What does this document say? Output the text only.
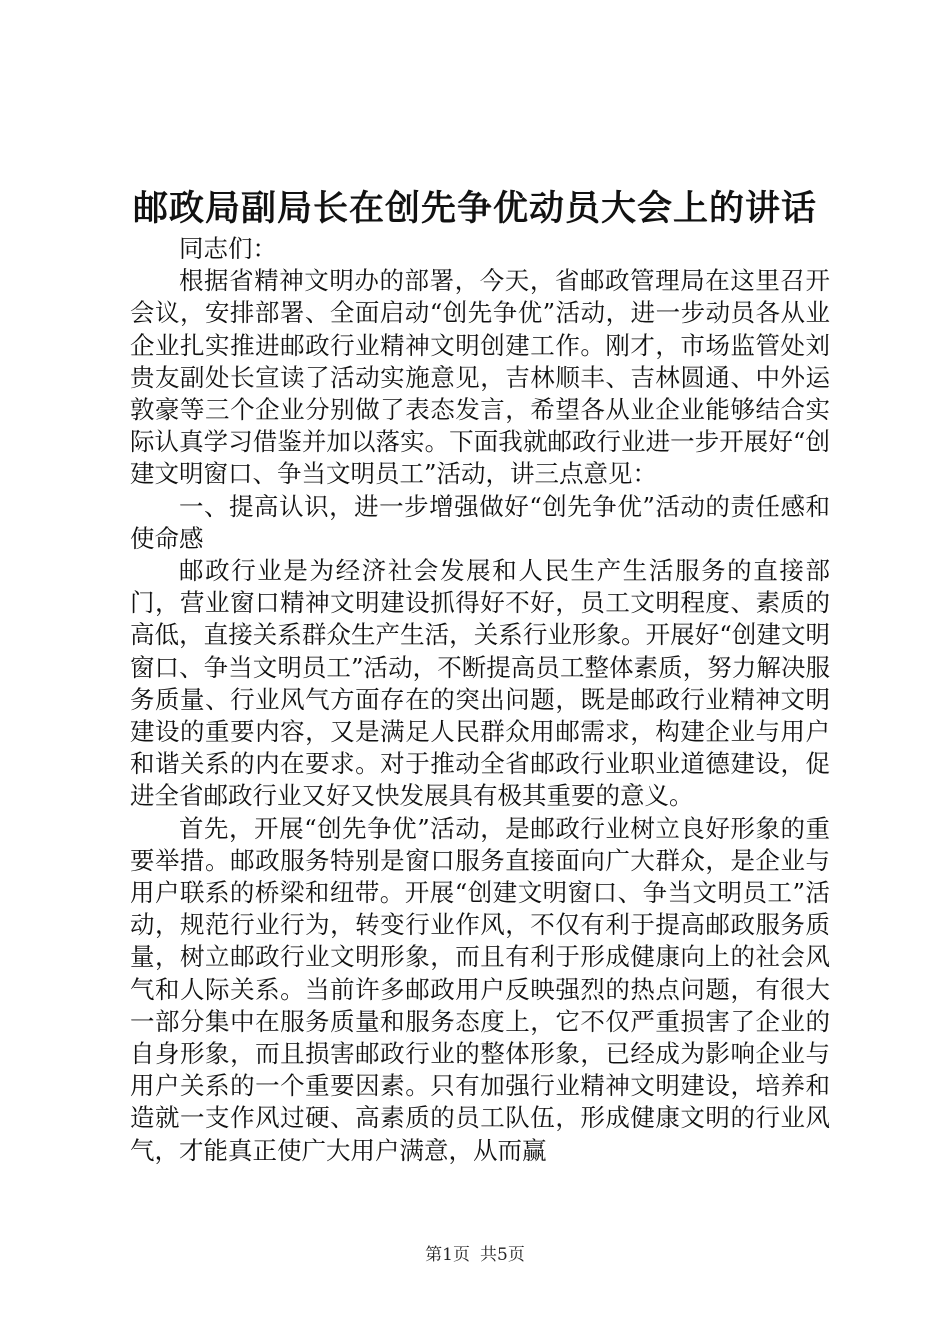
邮政局副局长在创先争优动员大会上的讲话

同志们：

根据省精神文明办的部署，今天，省邮政管理局在这里召开会议，安排部署、全面启动“创先争优”活动，进一步动员各从业企业扎实推进邮政行业精神文明创建工作。刚才，市场监管处刘贵友副处长宣读了活动实施意见，吉林顺丰、吉林圆通、中外运敦豪等三个企业分别做了表态发言，希望各从业企业能够结合实际认真学习借鉴并加以落实。下面我就邮政行业进一步开展好“创建文明窗口、争当文明员工”活动，讲三点意见：

一、提高认识，进一步增强做好“创先争优”活动的责任感和使命感

邮政行业是为经济社会发展和人民生产生活服务的直接部门，营业窗口精神文明建设抓得好不好，员工文明程度、素质的高低，直接关系群众生产生活，关系行业形象。开展好“创建文明窗口、争当文明员工”活动，不断提高员工整体素质，努力解决服务质量、行业风气方面存在的突出问题，既是邮政行业精神文明建设的重要内容，又是满足人民群众用邮需求，构建企业与用户和谐关系的内在要求。对于推动全省邮政行业职业道德建设，促进全省邮政行业又好又快发展具有极其重要的意义。

首先，开展“创先争优”活动，是邮政行业树立良好形象的重要举措。邮政服务特别是窗口服务直接面向广大群众，是企业与用户联系的桥梁和纽带。开展“创建文明窗口、争当文明员工”活动，规范行业行为，转变行业作风，不仅有利于提高邮政服务质量，树立邮政行业文明形象，而且有利于形成健康向上的社会风气和人际关系。当前许多邮政用户反映强烈的热点问题，有很大一部分集中在服务质量和服务态度上，它不仅严重损害了企业的自身形象，而且损害邮政行业的整体形象，已经成为影响企业与用户关系的一个重要因素。只有加强行业精神文明建设，培养和造就一支作风过硬、高素质的员工队伍，形成健康文明的行业风气，才能真正使广大用户满意，从而赢

第1页 共5页
